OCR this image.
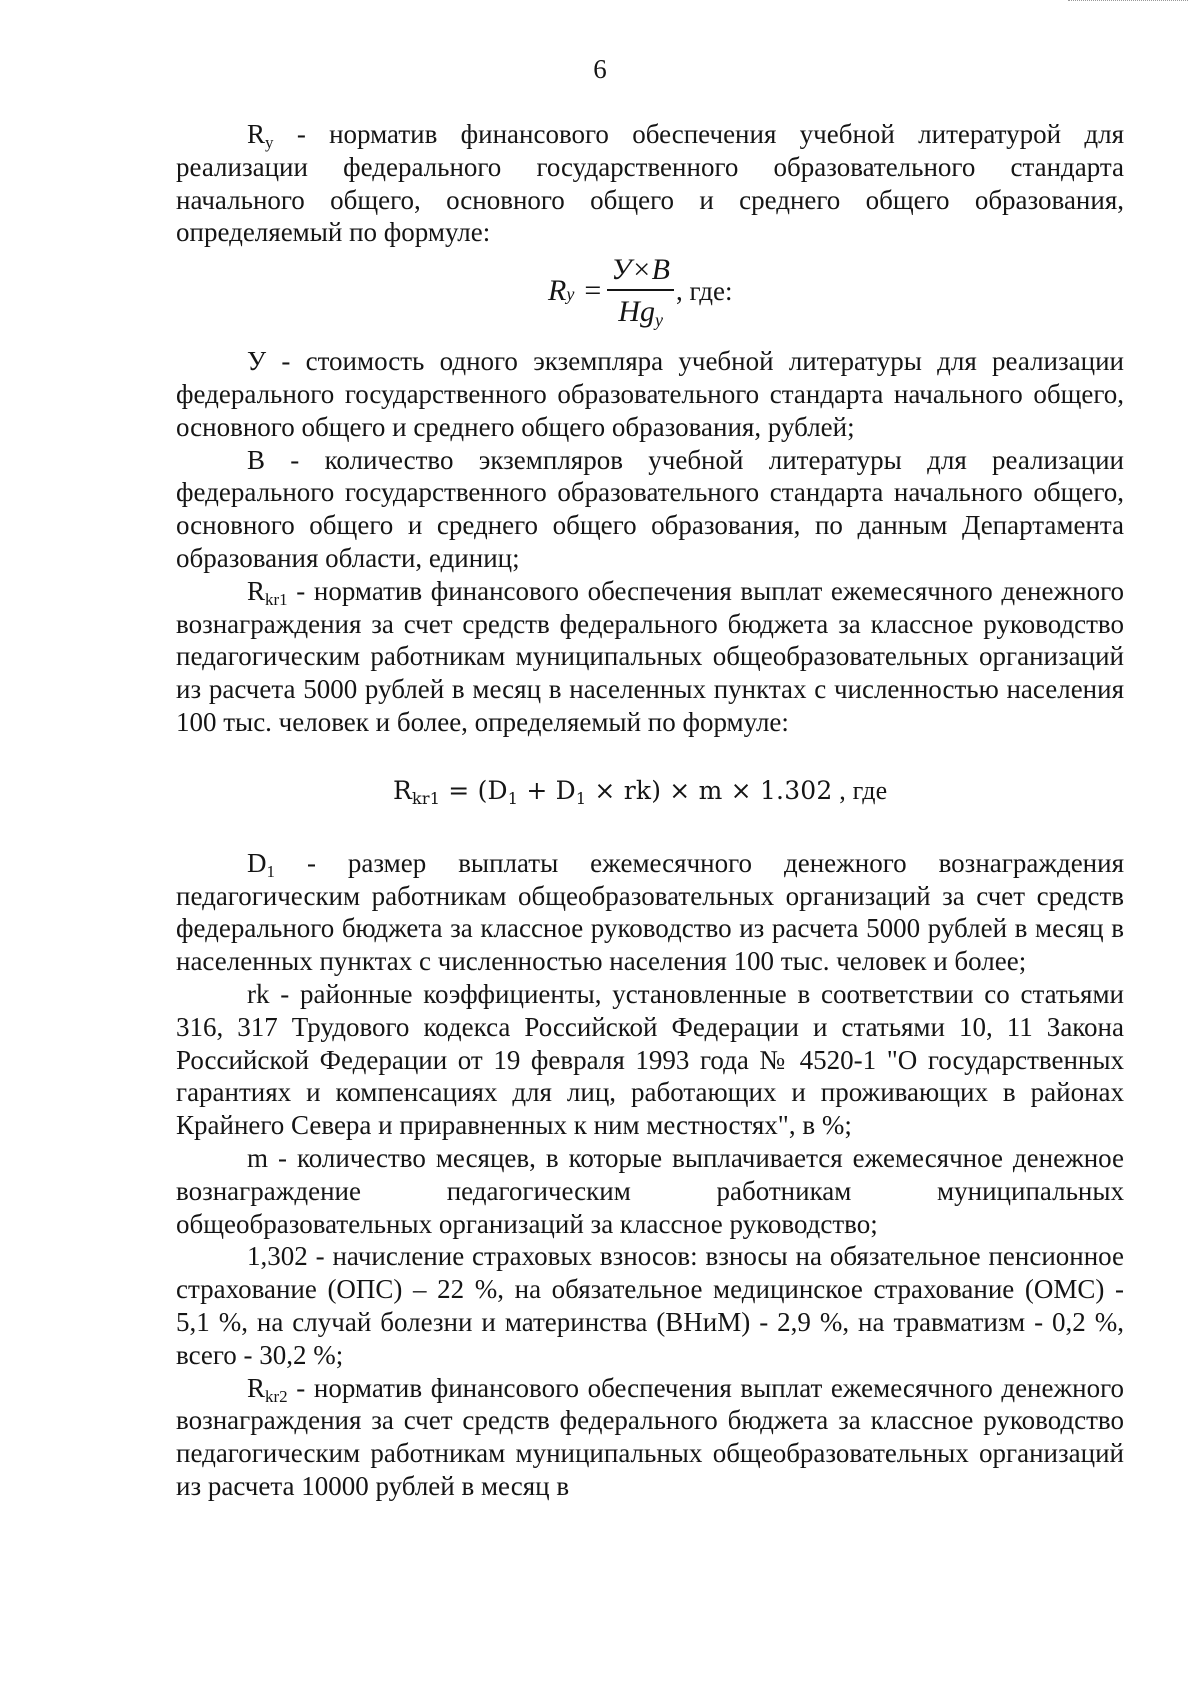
6

$R_у$ - норматив финансового обеспечения учебной литературой для реализации федерального государственного образовательного стандарта начального общего, основного общего и среднего общего образования, определяемый по формуле:

R $у = \frac{У\times B}{Hg_у}$ , где:

У - стоимость одного экземпляра учебной литературы для реализации федерального государственного образовательного стандарта начального общего, основного общего и среднего общего образования, рублей;

В - количество экземпляров учебной литературы для реализации федерального государственного образовательного стандарта начального общего, основного общего и среднего общего образования, по данным Департамента образования области, единиц;

$R_{kr1}$ - норматив финансового обеспечения выплат ежемесячного денежного вознаграждения за счет средств федерального бюджета за классное руководство педагогическим работникам муниципальных общеобразовательных организаций из расчета 5000 рублей в месяц в населенных пунктах с численностью населения 100 тыс. человек и более, определяемый по формуле:

$R_{kr1} = (D_1 + D_1 \times rk) \times m \times 1.302$ , где

$D_1$ - размер выплаты ежемесячного денежного вознаграждения педагогическим работникам общеобразовательных организаций за счет средств федерального бюджета за классное руководство из расчета 5000 рублей в месяц в населенных пунктах с численностью населения 100 тыс. человек и более;

rk - районные коэффициенты, установленные в соответствии со статьями 316, 317 Трудового кодекса Российской Федерации и статьями 10, 11 Закона Российской Федерации от 19 февраля 1993 года № 4520-1 "О государственных гарантиях и компенсациях для лиц, работающих и проживающих в районах Крайнего Севера и приравненных к ним местностях", в %;

m - количество месяцев, в которые выплачивается ежемесячное денежное вознаграждение педагогическим работникам муниципальных общеобразовательных организаций за классное руководство;

1,302 - начисление страховых взносов: взносы на обязательное пенсионное страхование (ОПС) – 22 %, на обязательное медицинское страхование (ОМС) - 5,1 %, на случай болезни и материнства (ВНиМ) - 2,9 %, на травматизм - 0,2 %, всего - 30,2 %;

$R_{kr2}$ - норматив финансового обеспечения выплат ежемесячного денежного вознаграждения за счет средств федерального бюджета за классное руководство педагогическим работникам муниципальных общеобразовательных организаций из расчета 10000 рублей в месяц в
